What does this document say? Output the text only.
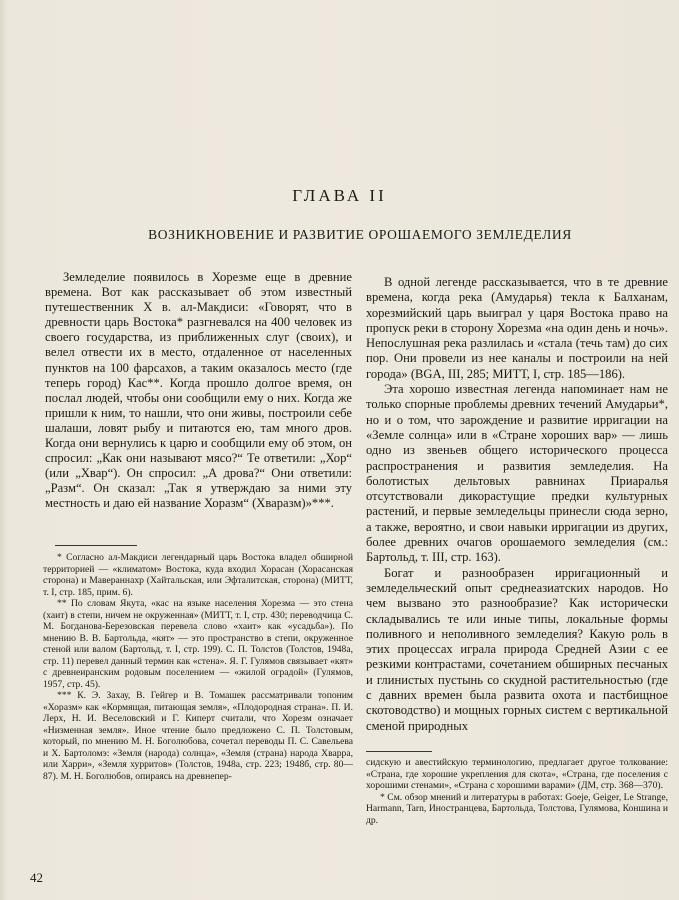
ГЛАВА II
ВОЗНИКНОВЕНИЕ И РАЗВИТИЕ ОРОШАЕМОГО ЗЕМЛЕДЕЛИЯ

Земледелие появилось в Хорезме еще в древние времена. Вот как рассказывает об этом известный путешественник X в. ал-Макдиси: «Говорят, что в древности царь Востока* разгневался на 400 человек из своего государства, из приближенных слуг (своих), и велел отвести их в место, отдаленное от населенных пунктов на 100 фарсахов, а таким оказалось место (где теперь город) Кас**. Когда прошло долгое время, он послал людей, чтобы они сообщили ему о них. Когда же пришли к ним, то нашли, что они живы, построили себе шалаши, ловят рыбу и питаются ею, там много дров. Когда они вернулись к царю и сообщили ему об этом, он спросил: „Как они называют мясо?“ Те ответили: „Хор“ (или „Хвар“). Он спросил: „А дрова?“ Они ответили: „Разм“. Он сказал: „Так я утверждаю за ними эту местность и даю ей название Хоразм“ (Хваразм)»***.

* Согласно ал-Макдиси легендарный царь Востока владел обширной территорией — «климатом» Востока, куда входил Хорасан (Хорасанская сторона) и Мавераннахр (Хайтальская, или Эфталитская, сторона) (МИТТ, т. I, стр. 185, прим. 6).

** По словам Якута, «кас на языке населения Хорезма — это стена (хаит) в степи, ничем не окруженная» (МИТТ, т. I, стр. 430; переводчица С. М. Богданова-Березовская перевела слово «хаит» как «усадьба»). По мнению В. В. Бартольда, «кят» — это пространство в степи, окруженное стеной или валом (Бартольд, т. I, стр. 199). С. П. Толстов (Толстов, 1948а, стр. 11) перевел данный термин как «стена». Я. Г. Гулямов связывает «кят» с древнеиранским родовым поселением — «жилой оградой» (Гулямов, 1957, стр. 45).

*** К. Э. Захау, В. Гейгер и В. Томашек рассматривали топоним «Хоразм» как «Кормящая, питающая земля», «Плодородная страна». П. И. Лерх, Н. И. Веселовский и Г. Киперт считали, что Хорезм означает «Низменная земля». Иное чтение было предложено С. П. Толстовым, который, по мнению М. Н. Боголюбова, сочетал переводы П. С. Савельева и Х. Бартоломэ: «Земля (народа) солнца», «Земля (страна) народа Хваррa, или Харри», «Земля хурритов» (Толстов, 1948а, стр. 223; 1948б, стр. 80—87). М. Н. Боголюбов, опираясь на древнепер-

В одной легенде рассказывается, что в те древние времена, когда река (Амударья) текла к Балханам, хорезмийский царь выиграл у царя Востока право на пропуск реки в сторону Хорезма «на один день и ночь». Непослушная река разлилась и «стала (течь там) до сих пор. Они провели из нее каналы и построили на ней города» (BGA, III, 285; МИТТ, I, стр. 185—186).

Эта хорошо известная легенда напоминает нам не только спорные проблемы древних течений Амударьи*, но и о том, что зарождение и развитие ирригации на «Земле солнца» или в «Стране хороших вар» — лишь одно из звеньев общего исторического процесса распространения и развития земледелия. На болотистых дельтовых равнинах Приаралья отсутствовали дикорастущие предки культурных растений, и первые земледельцы принесли сюда зерно, а также, вероятно, и свои навыки ирригации из других, более древних очагов орошаемого земледелия (см.: Бартольд, т. III, стр. 163).

Богат и разнообразен ирригационный и земледельческий опыт среднеазиатских народов. Но чем вызвано это разнообразие? Как исторически складывались те или иные типы, локальные формы поливного и неполивного земледелия? Какую роль в этих процессах играла природа Средней Азии с ее резкими контрастами, сочетанием обширных песчаных и глинистых пустынь со скудной растительностью (где с давних времен была развита охота и пастбищное скотоводство) и мощных горных систем с вертикальной сменой природных

сидскую и авестийскую терминологию, предлагает другое толкование: «Страна, где хорошие укрепления для скота», «Страна, где поселения с хорошими стенами», «Страна с хорошими варами» (ДМ, стр. 368—370).

* См. обзор мнений и литературы в работах: Goeje, Geiger, Le Strange, Harmann, Tarn, Иностранцева, Бартольда, Толстова, Гулямова, Коншина и др.

42
